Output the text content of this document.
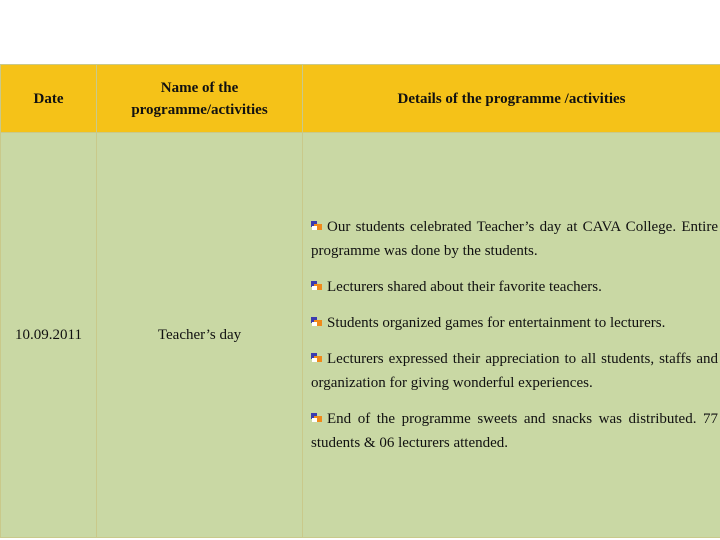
Date	Name of the programme/activities	Details of the programme /activities
10.09.2011	Teacher’s day	Our students celebrated Teacher’s day at CAVA College. Entire programme was done by the students.

Lecturers shared about their favorite teachers.

Students organized games for entertainment to lecturers.

Lecturers expressed their appreciation to all students, staffs and organization for giving wonderful experiences.

End of the programme sweets and snacks was distributed. 77 students & 06 lecturers attended.
